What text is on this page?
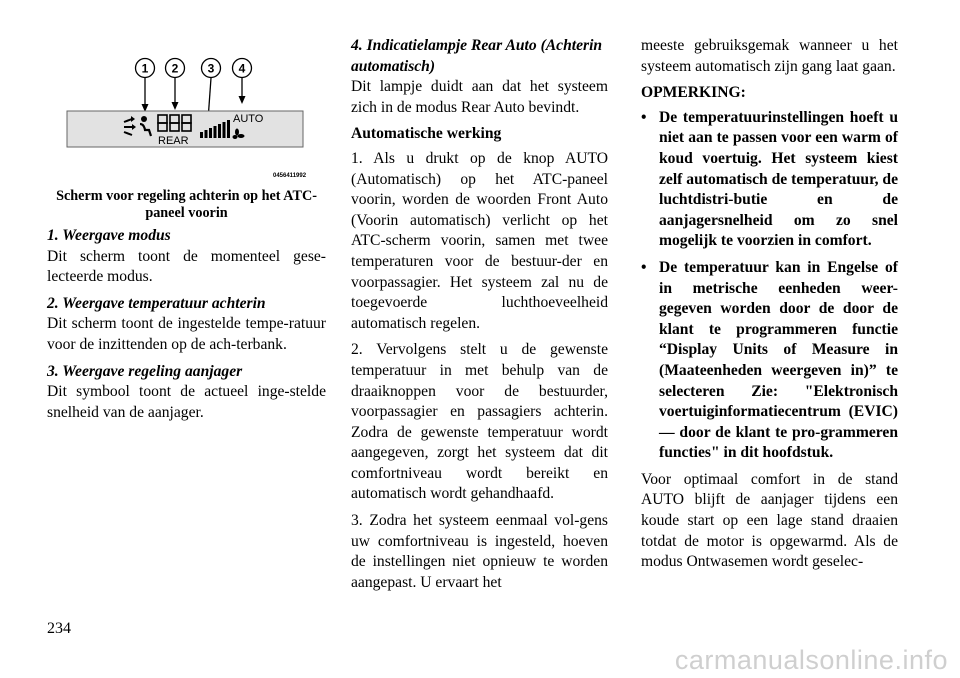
1 2 3 4
REAR
AUTO
0456411992

Scherm voor regeling achterin op het ATC-paneel voorin

1. Weergave modus

Dit scherm toont de momenteel gese-lecteerde modus.

2. Weergave temperatuur achterin

Dit scherm toont de ingestelde tempe-ratuur voor de inzittenden op de ach-terbank.

3. Weergave regeling aanjager

Dit symbool toont de actueel inge-stelde snelheid van de aanjager.

4. Indicatielampje Rear Auto (Achterin automatisch)

Dit lampje duidt aan dat het systeem zich in de modus Rear Auto bevindt.

Automatische werking

1. Als u drukt op de knop AUTO (Automatisch) op het ATC-paneel voorin, worden de woorden Front Auto (Voorin automatisch) verlicht op het ATC-scherm voorin, samen met twee temperaturen voor de bestuur-der en voorpassagier. Het systeem zal nu de toegevoerde luchthoeveelheid automatisch regelen.

2. Vervolgens stelt u de gewenste temperatuur in met behulp van de draaiknoppen voor de bestuurder, voorpassagier en passagiers achterin. Zodra de gewenste temperatuur wordt aangegeven, zorgt het systeem dat dit comfortniveau wordt bereikt en automatisch wordt gehandhaafd.

3. Zodra het systeem eenmaal vol-gens uw comfortniveau is ingesteld, hoeven de instellingen niet opnieuw te worden aangepast. U ervaart het

meeste gebruiksgemak wanneer u het systeem automatisch zijn gang laat gaan.

OPMERKING:

• De temperatuurinstellingen hoeft u niet aan te passen voor een warm of koud voertuig. Het systeem kiest zelf automatisch de temperatuur, de luchtdistri-butie en de aanjagersnelheid om zo snel mogelijk te voorzien in comfort.
• De temperatuur kan in Engelse of in metrische eenheden weer-gegeven worden door de door de klant te programmeren functie “Display Units of Measure in (Maateenheden weergeven in)” te selecteren Zie: "Elektronisch voertuiginformatiecentrum (EVIC) — door de klant te pro-grammeren functies" in dit hoofdstuk.

Voor optimaal comfort in de stand AUTO blijft de aanjager tijdens een koude start op een lage stand draaien totdat de motor is opgewarmd. Als de modus Ontwasemen wordt geselec-

234
carmanualsonline.info
